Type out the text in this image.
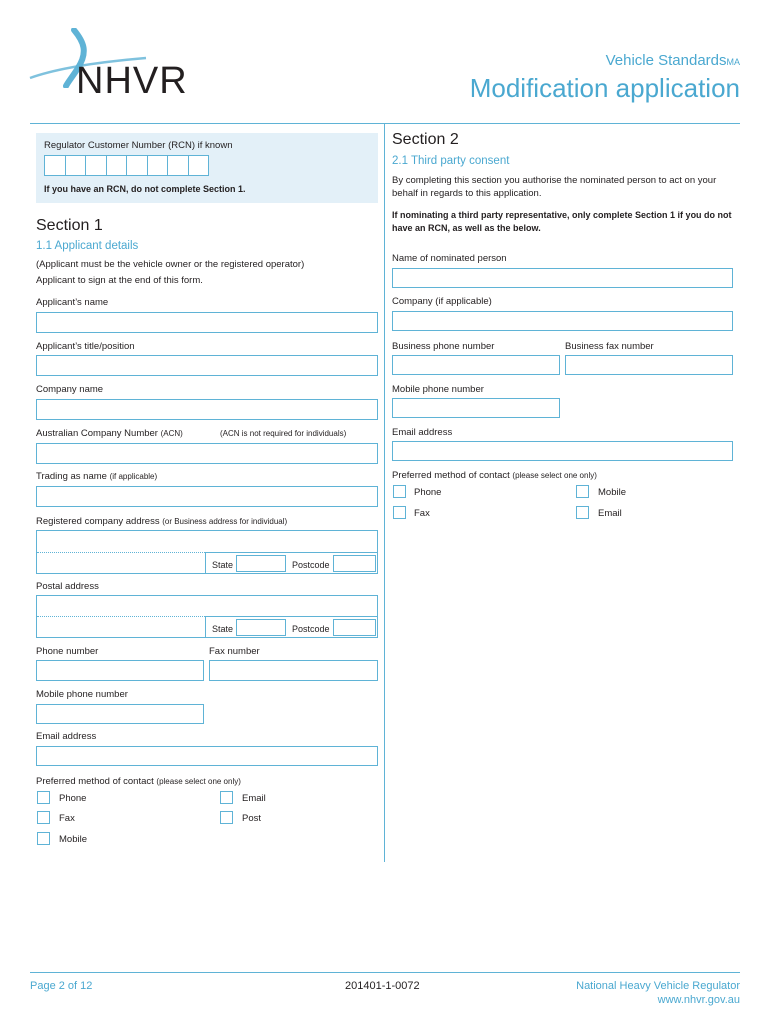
NHVR	Vehicle StandardsMA
Modification application
Regulator Customer Number (RCN) if known
If you have an RCN, do not complete Section 1.
Section 1
1.1 Applicant details
(Applicant must be the vehicle owner or the registered operator)
Applicant to sign at the end of this form.
Applicant’s name
Applicant’s title/position
Company name
Australian Company Number (ACN)	(ACN is not required for individuals)
Trading as name (if applicable)
Registered company address (or Business address for individual)
State	Postcode
Postal address
State	Postcode
Phone number	Fax number
Mobile phone number
Email address
Preferred method of contact (please select one only)
Phone	Email
Fax	Post
Mobile
Section 2
2.1 Third party consent
By completing this section you authorise the nominated person to act on your behalf in regards to this application.
If nominating a third party representative, only complete Section 1 if you do not have an RCN, as well as the below.
Name of nominated person
Company (if applicable)
Business phone number	Business fax number
Mobile phone number
Email address
Preferred method of contact (please select one only)
Phone	Mobile
Fax	Email
Page 2 of 12	201401-1-0072	National Heavy Vehicle Regulator
www.nhvr.gov.au
